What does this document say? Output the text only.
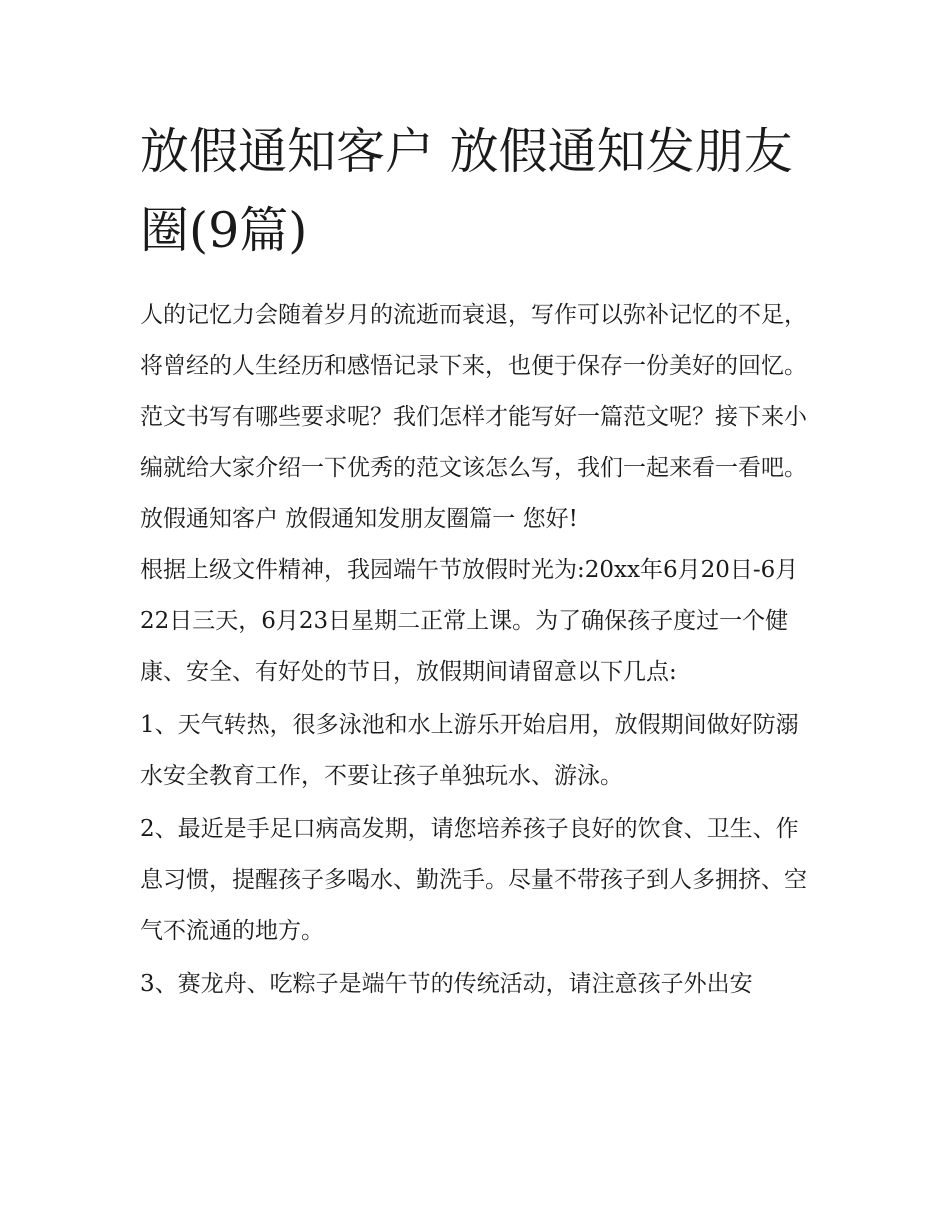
放假通知客户 放假通知发朋友圈(9篇)

人的记忆力会随着岁月的流逝而衰退，写作可以弥补记忆的不足，将曾经的人生经历和感悟记录下来，也便于保存一份美好的回忆。范文书写有哪些要求呢？我们怎样才能写好一篇范文呢？接下来小编就给大家介绍一下优秀的范文该怎么写，我们一起来看一看吧。

放假通知客户 放假通知发朋友圈篇一 您好!

根据上级文件精神，我园端午节放假时光为:20xx年6月20日-6月22日三天，6月23日星期二正常上课。为了确保孩子度过一个健康、安全、有好处的节日，放假期间请留意以下几点:

1、天气转热，很多泳池和水上游乐开始启用，放假期间做好防溺水安全教育工作，不要让孩子单独玩水、游泳。

2、最近是手足口病高发期，请您培养孩子良好的饮食、卫生、作息习惯，提醒孩子多喝水、勤洗手。尽量不带孩子到人多拥挤、空气不流通的地方。

3、赛龙舟、吃粽子是端午节的传统活动，请注意孩子外出安
